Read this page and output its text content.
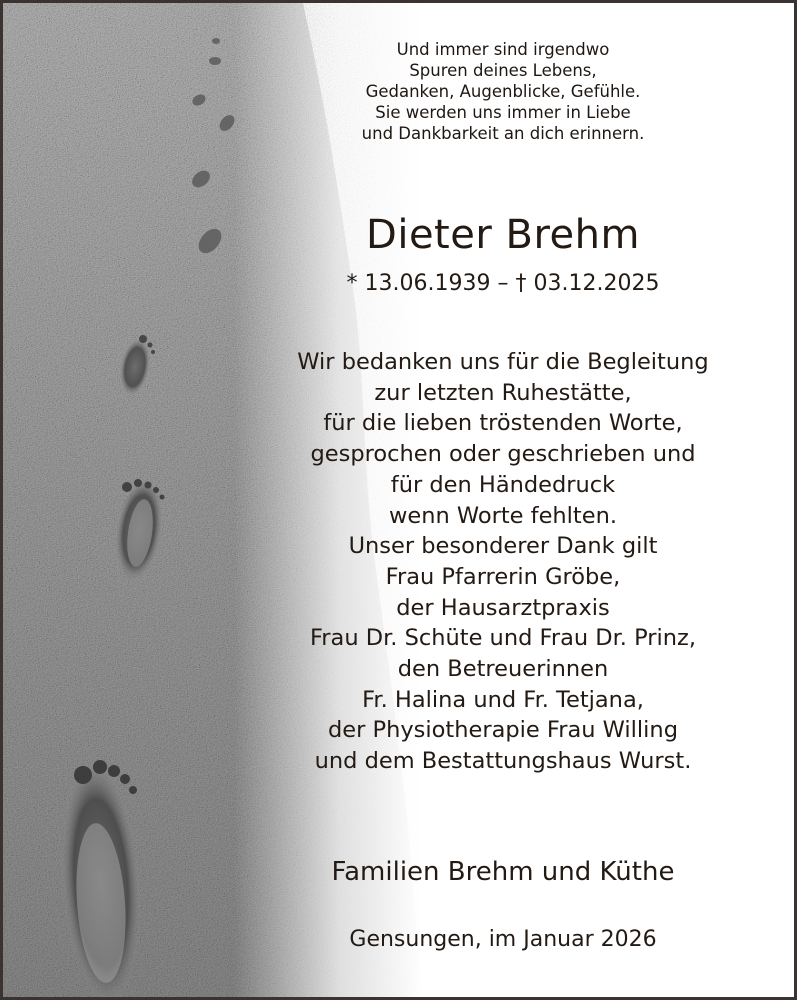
Und immer sind irgendwo
Spuren deines Lebens,
Gedanken, Augenblicke, Gefühle.
Sie werden uns immer in Liebe
und Dankbarkeit an dich erinnern.
Dieter Brehm
* 13.06.1939 – † 03.12.2025
Wir bedanken uns für die Begleitung
zur letzten Ruhestätte,
für die lieben tröstenden Worte,
gesprochen oder geschrieben und
für den Händedruck
wenn Worte fehlten.
Unser besonderer Dank gilt
Frau Pfarrerin Gröbe,
der Hausarztpraxis
Frau Dr. Schüte und Frau Dr. Prinz,
den Betreuerinnen
Fr. Halina und Fr. Tetjana,
der Physiotherapie Frau Willing
und dem Bestattungshaus Wurst.
Familien Brehm und Küthe
Gensungen, im Januar 2026
